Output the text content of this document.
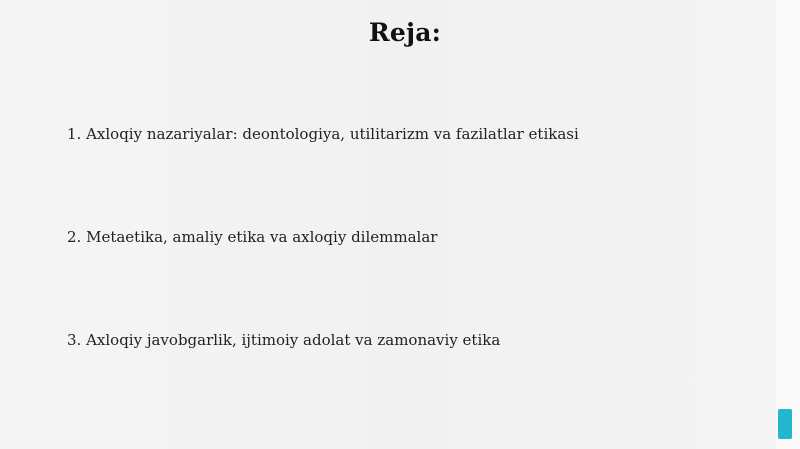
Reja:

1. Axloqiy nazariyalar: deontologiya, utilitarizm va fazilatlar etikasi

2. Metaetika, amaliy etika va axloqiy dilemmalar

3. Axloqiy javobgarlik, ijtimoiy adolat va zamonaviy etika
